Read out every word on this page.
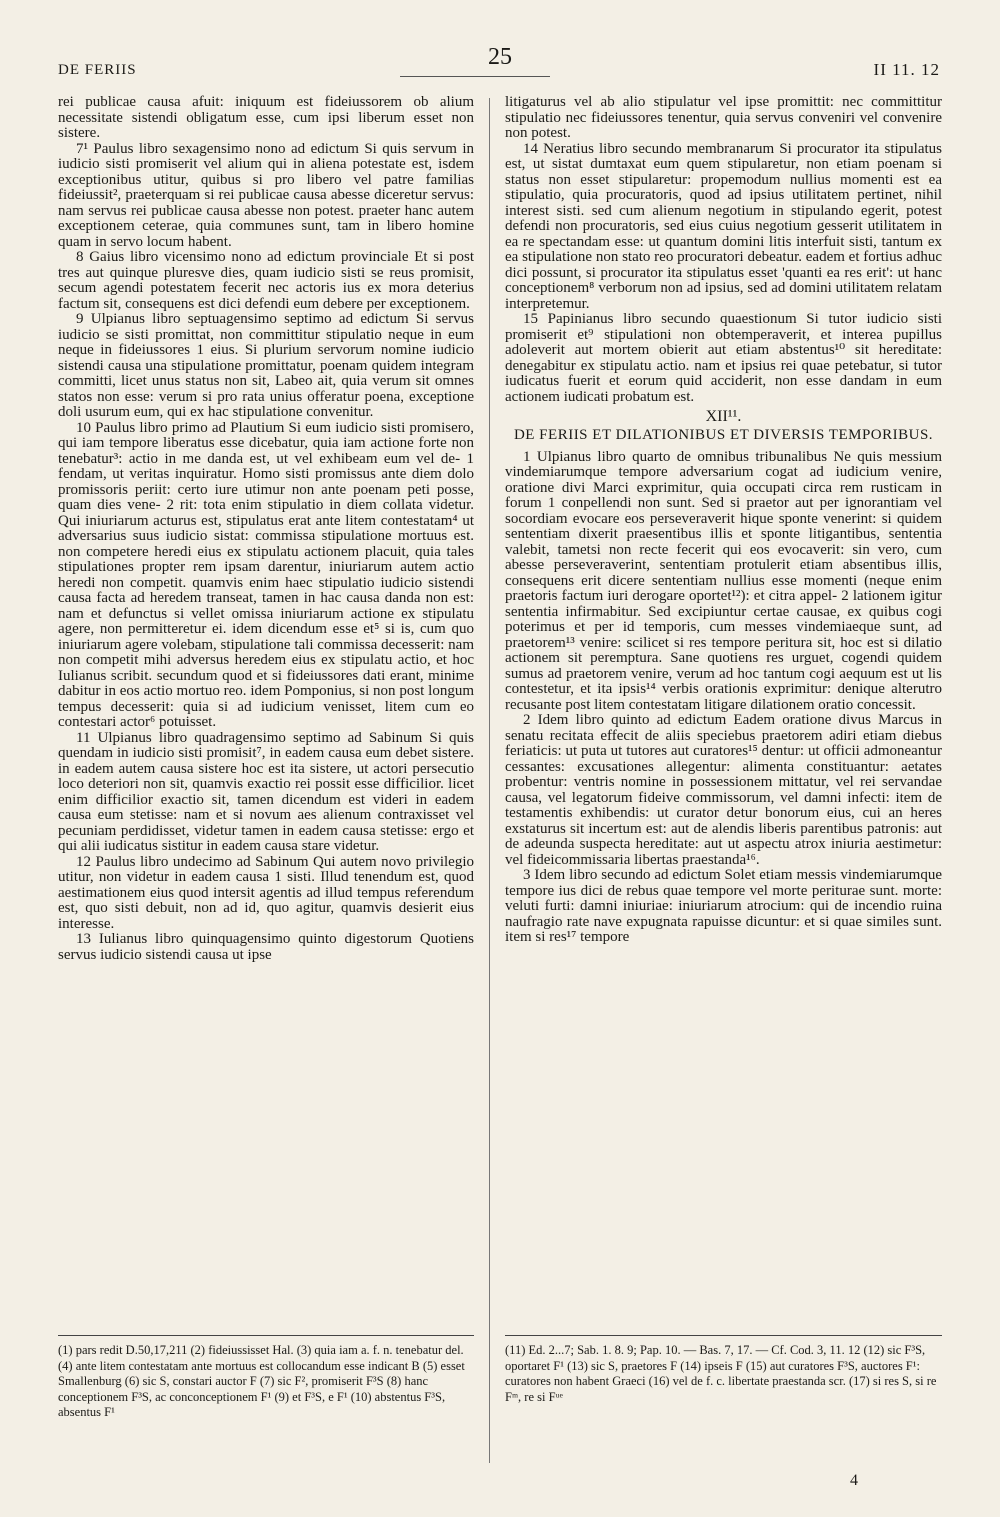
DE FERIIS	25	II 11. 12

rei publicae causa afuit: iniquum est fideiussorem ob alium necessitate sistendi obligatum esse, cum ipsi liberum esset non sistere.

7¹ Paulus libro sexagensimo nono ad edictum Si quis servum in iudicio sisti promiserit vel alium qui in aliena potestate est, isdem exceptionibus utitur, quibus si pro libero vel patre familias fideiussit², praeterquam si rei publicae causa abesse diceretur servus: nam servus rei publicae causa abesse non potest. praeter hanc autem exceptionem ceterae, quia communes sunt, tam in libero homine quam in servo locum habent.

8 Gaius libro vicensimo nono ad edictum provinciale Et si post tres aut quinque pluresve dies, quam iudicio sisti se reus promisit, secum agendi potestatem fecerit nec actoris ius ex mora deterius factum sit, consequens est dici defendi eum debere per exceptionem.

9 Ulpianus libro septuagensimo septimo ad edictum Si servus iudicio se sisti promittat, non committitur stipulatio neque in eum neque in fideiussores 1 eius. Si plurium servorum nomine iudicio sistendi causa una stipulatione promittatur, poenam quidem integram committi, licet unus status non sit, Labeo ait, quia verum sit omnes statos non esse: verum si pro rata unius offeratur poena, exceptione doli usurum eum, qui ex hac stipulatione convenitur.

10 Paulus libro primo ad Plautium Si eum iudicio sisti promisero, qui iam tempore liberatus esse dicebatur, quia iam actione forte non tenebatur³: actio in me danda est, ut vel exhibeam eum vel de- 1 fendam, ut veritas inquiratur. Homo sisti promissus ante diem dolo promissoris periit: certo iure utimur non ante poenam peti posse, quam dies vene- 2 rit: tota enim stipulatio in diem collata videtur. Qui iniuriarum acturus est, stipulatus erat ante litem contestatam⁴ ut adversarius suus iudicio sistat: commissa stipulatione mortuus est. non competere heredi eius ex stipulatu actionem placuit, quia tales stipulationes propter rem ipsam darentur, iniuriarum autem actio heredi non competit. quamvis enim haec stipulatio iudicio sistendi causa facta ad heredem transeat, tamen in hac causa danda non est: nam et defunctus si vellet omissa iniuriarum actione ex stipulatu agere, non permitteretur ei. idem dicendum esse et⁵ si is, cum quo iniuriarum agere volebam, stipulatione tali commissa decesserit: nam non competit mihi adversus heredem eius ex stipulatu actio, et hoc Iulianus scribit. secundum quod et si fideiussores dati erant, minime dabitur in eos actio mortuo reo. idem Pomponius, si non post longum tempus decesserit: quia si ad iudicium venisset, litem cum eo contestari actor⁶ potuisset.

11 Ulpianus libro quadragensimo septimo ad Sabinum Si quis quendam in iudicio sisti promisit⁷, in eadem causa eum debet sistere. in eadem autem causa sistere hoc est ita sistere, ut actori persecutio loco deteriori non sit, quamvis exactio rei possit esse difficilior. licet enim difficilior exactio sit, tamen dicendum est videri in eadem causa eum stetisse: nam et si novum aes alienum contraxisset vel pecuniam perdidisset, videtur tamen in eadem causa stetisse: ergo et qui alii iudicatus sistitur in eadem causa stare videtur.

12 Paulus libro undecimo ad Sabinum Qui autem novo privilegio utitur, non videtur in eadem causa 1 sisti. Illud tenendum est, quod aestimationem eius quod intersit agentis ad illud tempus referendum est, quo sisti debuit, non ad id, quo agitur, quamvis desierit eius interesse.

13 Iulianus libro quinquagensimo quinto digestorum Quotiens servus iudicio sistendi causa ut ipse

litigaturus vel ab alio stipulatur vel ipse promittit: nec committitur stipulatio nec fideiussores tenentur, quia servus conveniri vel convenire non potest.

14 Neratius libro secundo membranarum Si procurator ita stipulatus est, ut sistat dumtaxat eum quem stipularetur, non etiam poenam si status non esset stipularetur: propemodum nullius momenti est ea stipulatio, quia procuratoris, quod ad ipsius utilitatem pertinet, nihil interest sisti. sed cum alienum negotium in stipulando egerit, potest defendi non procuratoris, sed eius cuius negotium gesserit utilitatem in ea re spectandam esse: ut quantum domini litis interfuit sisti, tantum ex ea stipulatione non stato reo procuratori debeatur. eadem et fortius adhuc dici possunt, si procurator ita stipulatus esset 'quanti ea res erit': ut hanc conceptionem⁸ verborum non ad ipsius, sed ad domini utilitatem relatam interpretemur.

15 Papinianus libro secundo quaestionum Si tutor iudicio sisti promiserit et⁹ stipulationi non obtemperaverit, et interea pupillus adoleverit aut mortem obierit aut etiam abstentus¹⁰ sit hereditate: denegabitur ex stipulatu actio. nam et ipsius rei quae petebatur, si tutor iudicatus fuerit et eorum quid acciderit, non esse dandam in eum actionem iudicati probatum est.

XII¹¹.
DE FERIIS ET DILATIONIBUS ET DIVERSIS TEMPORIBUS.

1 Ulpianus libro quarto de omnibus tribunalibus Ne quis messium vindemiarumque tempore adversarium cogat ad iudicium venire, oratione divi Marci exprimitur, quia occupati circa rem rusticam in forum 1 conpellendi non sunt. Sed si praetor aut per ignorantiam vel socordiam evocare eos perseveraverit hique sponte venerint: si quidem sententiam dixerit praesentibus illis et sponte litigantibus, sententia valebit, tametsi non recte fecerit qui eos evocaverit: sin vero, cum abesse perseveraverint, sententiam protulerit etiam absentibus illis, consequens erit dicere sententiam nullius esse momenti (neque enim praetoris factum iuri derogare oportet¹²): et citra appel- 2 lationem igitur sententia infirmabitur. Sed excipiuntur certae causae, ex quibus cogi poterimus et per id temporis, cum messes vindemiaeque sunt, ad praetorem¹³ venire: scilicet si res tempore peritura sit, hoc est si dilatio actionem sit peremptura. Sane quotiens res urguet, cogendi quidem sumus ad praetorem venire, verum ad hoc tantum cogi aequum est ut lis contestetur, et ita ipsis¹⁴ verbis orationis exprimitur: denique alterutro recusante post litem contestatam litigare dilationem oratio concessit.

2 Idem libro quinto ad edictum Eadem oratione divus Marcus in senatu recitata effecit de aliis speciebus praetorem adiri etiam diebus feriaticis: ut puta ut tutores aut curatores¹⁵ dentur: ut officii admoneantur cessantes: excusationes allegentur: alimenta constituantur: aetates probentur: ventris nomine in possessionem mittatur, vel rei servandae causa, vel legatorum fideive commissorum, vel damni infecti: item de testamentis exhibendis: ut curator detur bonorum eius, cui an heres exstaturus sit incertum est: aut de alendis liberis parentibus patronis: aut de adeunda suspecta hereditate: aut ut aspectu atrox iniuria aestimetur: vel fideicommissaria libertas praestanda¹⁶.

3 Idem libro secundo ad edictum Solet etiam messis vindemiarumque tempore ius dici de rebus quae tempore vel morte periturae sunt. morte: veluti furti: damni iniuriae: iniuriarum atrocium: qui de incendio ruina naufragio rate nave expugnata rapuisse dicuntur: et si quae similes sunt. item si res¹⁷ tempore

(1) pars redit D.50,17,211 (2) fideiussisset Hal. (3) quia iam a. f. n. tenebatur del. (4) ante litem contestatam ante mortuus est collocandum esse indicant B (5) esset Smallenburg (6) sic S, constari auctor F (7) sic F², promiserit F³S (8) hanc conceptionem F³S, ac conconceptionem F¹ (9) et F³S, e F¹ (10) abstentus F³S, absentus F¹

(11) Ed. 2...7; Sab. 1. 8. 9; Pap. 10. — Bas. 7, 17. — Cf. Cod. 3, 11. 12 (12) sic F³S, oportaret F¹ (13) sic S, praetores F (14) ipseis F (15) aut curatores F³S, auctores F¹: curatores non habent Graeci (16) vel de f. c. libertate praestanda scr. (17) si res S, si re Fᵐ, re si Fᵘᵉ

4
